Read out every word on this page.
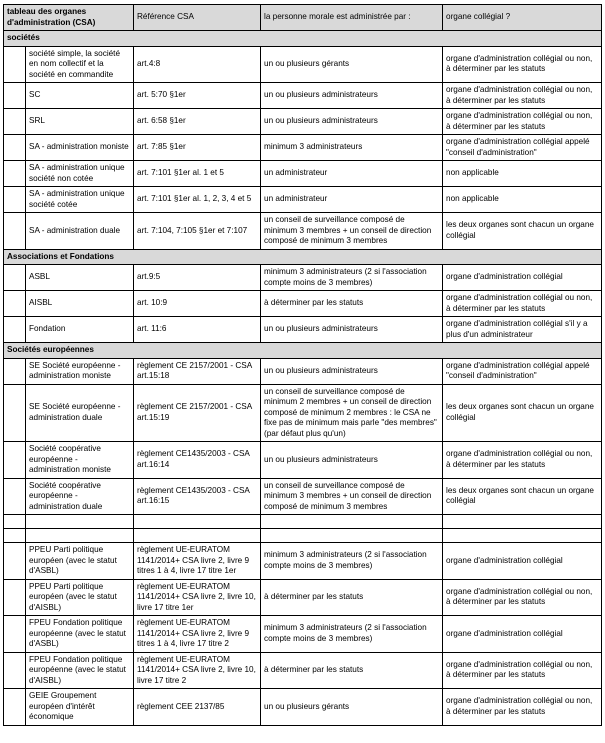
tableau des organes d'administration (CSA)		Référence CSA	la personne morale est administrée par :	organe collégial ?
sociétés				
	société simple, la société en nom collectif et la société en commandite	art.4:8	un ou plusieurs gérants	organe d'administration collégial ou non, à déterminer par les statuts
	SC	art. 5:70 §1er	un ou plusieurs administrateurs	organe d'administration collégial ou non, à déterminer par les statuts
	SRL	art. 6:58 §1er	un ou plusieurs administrateurs	organe d'administration collégial ou non, à déterminer par les statuts
	SA - administration moniste	art. 7:85 §1er	minimum 3 administrateurs	organe d'administration collégial appelé "conseil d'administration"
	SA - administration unique société non cotée	art. 7:101 §1er al. 1 et 5	un administrateur	non applicable
	SA - administration unique société cotée	art. 7:101 §1er al. 1, 2, 3, 4 et 5	un administrateur	non applicable
	SA - administration duale	art. 7:104, 7:105 §1er et 7:107	un conseil de surveillance composé de minimum 3 membres + un conseil de direction composé de minimum 3 membres	les deux organes sont chacun un organe collégial
Associations et Fondations				
	ASBL	art.9:5	minimum 3 administrateurs (2 si l'association compte moins de 3 membres)	organe d'administration collégial
	AISBL	art. 10:9	à déterminer par les statuts	organe d'administration collégial ou non, à déterminer par les statuts
	Fondation	art. 11:6	un ou plusieurs administrateurs	organe d'administration collégial s'il y a plus d'un administrateur
Sociétés européennes				
	SE Société européenne - administration moniste	règlement CE 2157/2001 - CSA art.15:18	un ou plusieurs administrateurs	organe d'administration collégial appelé "conseil d'administration"
	SE Société européenne - administration duale	règlement CE 2157/2001 - CSA art.15:19	un conseil de surveillance composé de minimum 2 membres + un conseil de direction composé de minimum 2 membres : le CSA ne fixe pas de minimum mais parle "des membres" (par défaut plus qu'un)	les deux organes sont chacun un organe collégial
	Société coopérative européenne - administration moniste	règlement CE1435/2003 - CSA art.16:14	un ou plusieurs administrateurs	organe d'administration collégial ou non, à déterminer par les statuts
	Société coopérative européenne - administration duale	règlement CE1435/2003 - CSA art.16:15	un conseil de surveillance composé de minimum 3 membres + un conseil de direction composé de minimum 3 membres	les deux organes sont chacun un organe collégial

	PPEU Parti politique européen (avec le statut d'ASBL)	règlement UE-EURATOM 1141/2014+ CSA livre 2, livre 9 titres 1 à 4, livre 17 titre 1er	minimum 3 administrateurs (2 si l'association compte moins de 3 membres)	organe d'administration collégial
	PPEU Parti politique européen (avec le statut d'AISBL)	règlement UE-EURATOM 1141/2014+ CSA livre 2, livre 10, livre 17 titre 1er	à déterminer par les statuts	organe d'administration collégial ou non, à déterminer par les statuts
	FPEU Fondation politique européenne (avec le statut d'ASBL)	règlement UE-EURATOM 1141/2014+ CSA livre 2, livre 9 titres 1 à 4, livre 17 titre 2	minimum 3 administrateurs (2 si l'association compte moins de 3 membres)	organe d'administration collégial
	FPEU Fondation politique européenne (avec le statut d'AISBL)	règlement UE-EURATOM 1141/2014+ CSA livre 2, livre 10, livre 17 titre 2	à déterminer par les statuts	organe d'administration collégial ou non, à déterminer par les statuts
	GEIE Groupement européen d'intérêt économique	règlement CEE 2137/85	un ou plusieurs gérants	organe d'administration collégial ou non, à déterminer par les statuts
